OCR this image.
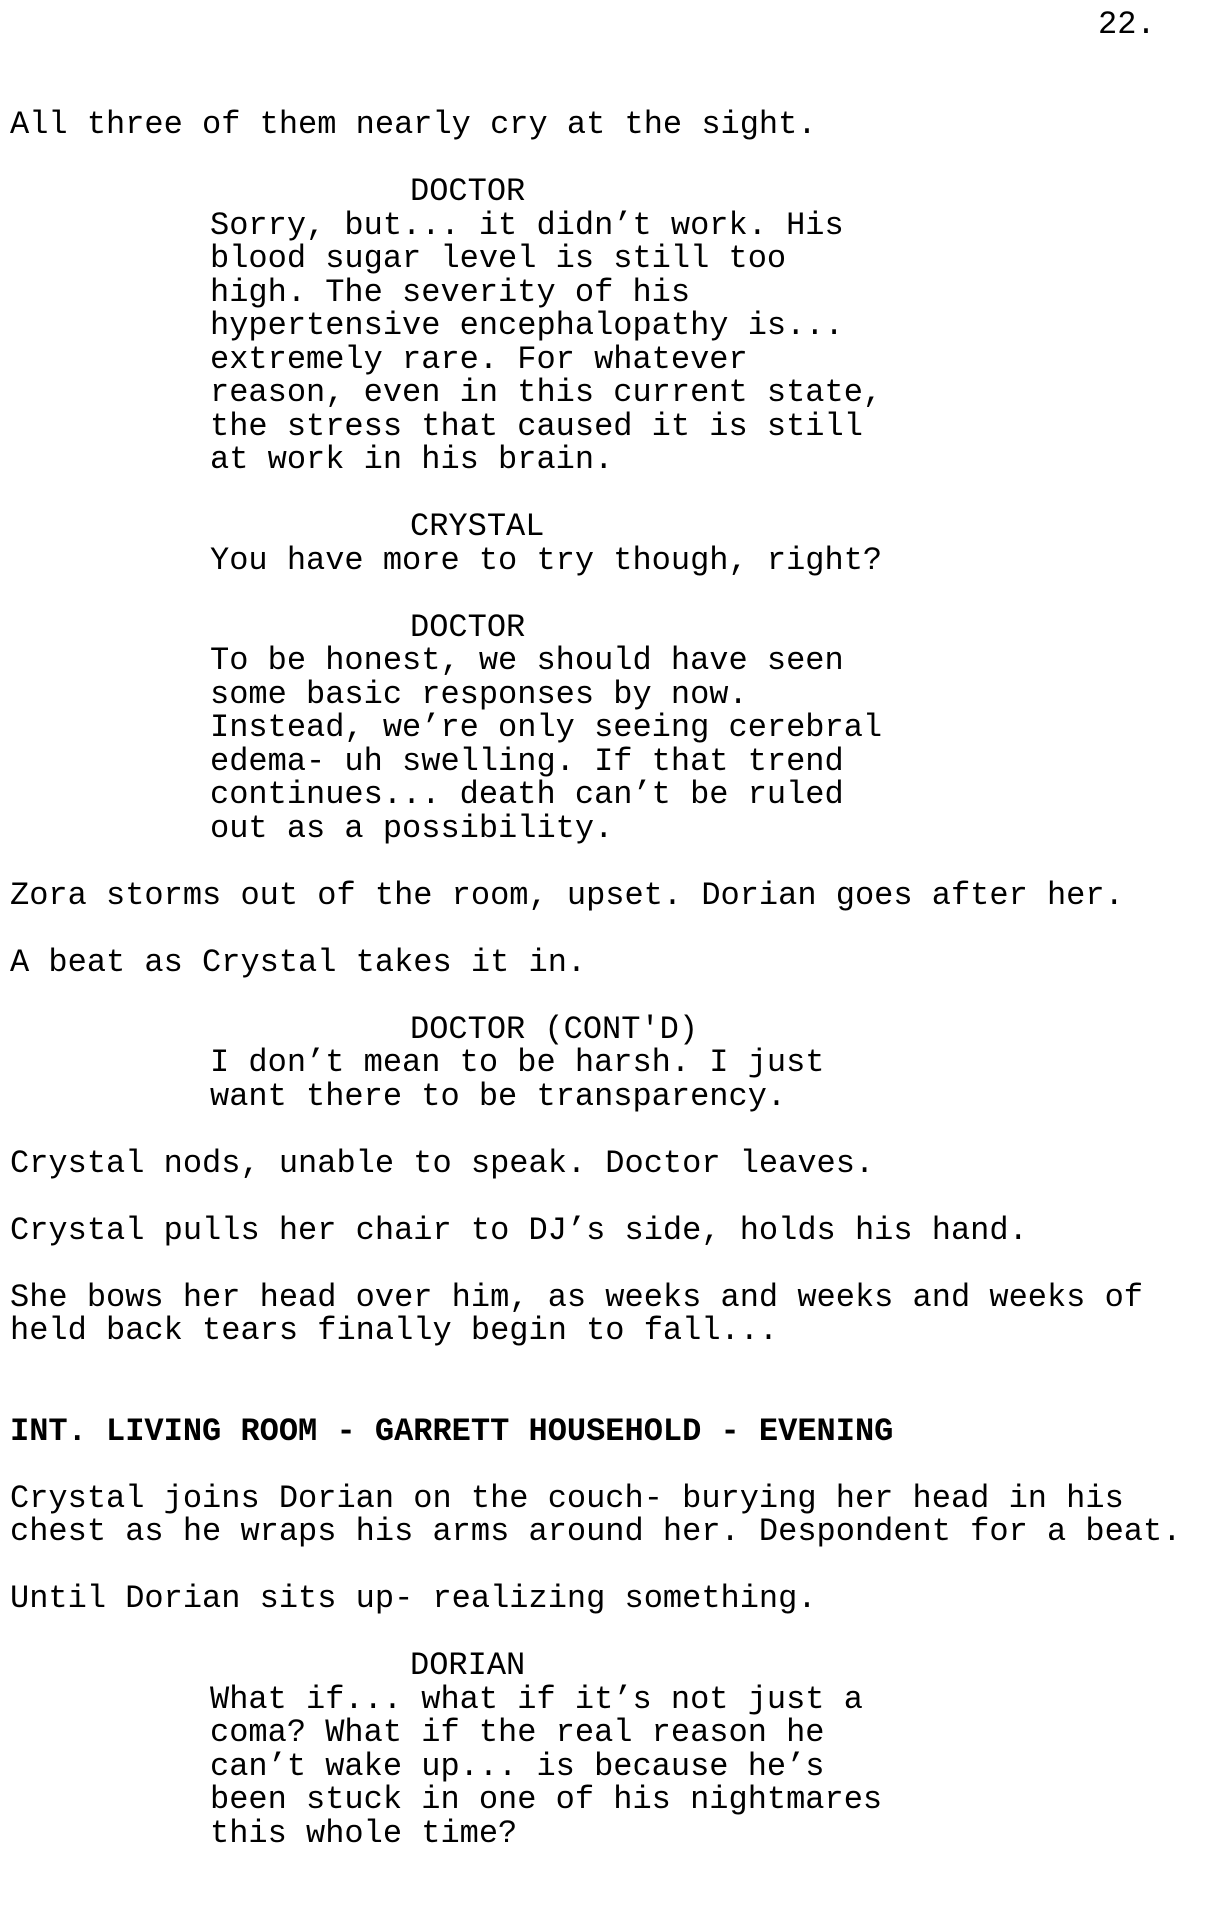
22.
All three of them nearly cry at the sight.
DOCTOR
Sorry, but... it didn’t work. His
blood sugar level is still too
high. The severity of his
hypertensive encephalopathy is...
extremely rare. For whatever
reason, even in this current state,
the stress that caused it is still
at work in his brain.
CRYSTAL
You have more to try though, right?
DOCTOR
To be honest, we should have seen
some basic responses by now.
Instead, we’re only seeing cerebral
edema- uh swelling. If that trend
continues... death can’t be ruled
out as a possibility.
Zora storms out of the room, upset. Dorian goes after her.
A beat as Crystal takes it in.
DOCTOR (CONT'D)
I don’t mean to be harsh. I just
want there to be transparency.
Crystal nods, unable to speak. Doctor leaves.
Crystal pulls her chair to DJ’s side, holds his hand.
She bows her head over him, as weeks and weeks and weeks of
held back tears finally begin to fall...
INT. LIVING ROOM - GARRETT HOUSEHOLD - EVENING
Crystal joins Dorian on the couch- burying her head in his
chest as he wraps his arms around her. Despondent for a beat.
Until Dorian sits up- realizing something.
DORIAN
What if... what if it’s not just a
coma? What if the real reason he
can’t wake up... is because he’s
been stuck in one of his nightmares
this whole time?
